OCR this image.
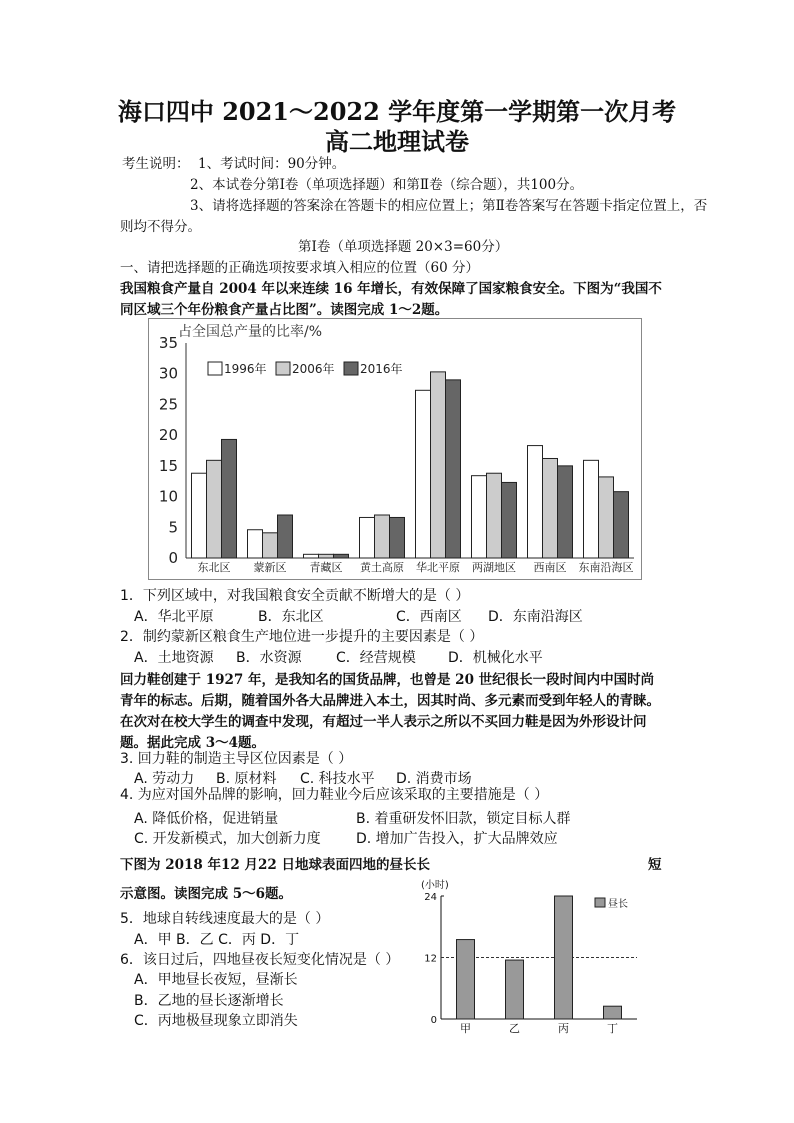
海口四中 2021～2022 学年度第一学期第一次月考
高二地理试卷
考生说明： 1、考试时间：90分钟。
2、本试卷分第Ⅰ卷（单项选择题）和第Ⅱ卷（综合题），共100分。
3、请将选择题的答案涂在答题卡的相应位置上；第Ⅱ卷答案写在答题卡指定位置上，否
则均不得分。
第Ⅰ卷（单项选择题 20×3=60分）
一、请把选择题的正确选项按要求填入相应的位置（60 分）
我国粮食产量自 2004 年以来连续 16 年增长，有效保障了国家粮食安全。下图为“我国不
同区域三个年份粮食产量占比图”。读图完成 1～2题。
占全国总产量的比率/%
0
5
10
15
20
25
30
35
东北区 蒙新区 青藏区 黄土高原 华北平原 两湖地区 西南区 东南沿海区
1996年 2006年 2016年
1．下列区域中，对我国粮食安全贡献不断增大的是（ ）
A．华北平原	B．东北区	C．西南区 D．东南沿海区
2．制约蒙新区粮食生产地位进一步提升的主要因素是（ ）
A．土地资源 B．水资源 C．经营规模 D．机械化水平
回力鞋创建于 1927 年，是我知名的国货品牌，也曾是 20 世纪很长一段时间内中国时尚
青年的标志。后期，随着国外各大品牌进入本土，因其时尚、多元素而受到年轻人的青睐。
在次对在校大学生的调查中发现，有超过一半人表示之所以不买回力鞋是因为外形设计问
题。据此完成 3～4题。
3. 回力鞋的制造主导区位因素是（ ）
A. 劳动力 B. 原材料 C. 科技水平 D. 消费市场
4. 为应对国外品牌的影响，回力鞋业今后应该采取的主要措施是（ ）
A. 降低价格，促进销量	B. 着重研发怀旧款，锁定目标人群
C. 开发新模式，加大创新力度	D. 增加广告投入，扩大品牌效应
下图为 2018 年12 月22 日地球表面四地的昼长长	短
示意图。读图完成 5～6题。
5．地球自转线速度最大的是（ ）
A．甲 B．乙 C．丙 D．丁
6．该日过后，四地昼夜长短变化情况是（ ）
A．甲地昼长夜短，昼渐长
B．乙地的昼长逐渐增长
C．丙地极昼现象立即消失
(小时)
0
12
24
甲	乙	丙	丁
昼长
